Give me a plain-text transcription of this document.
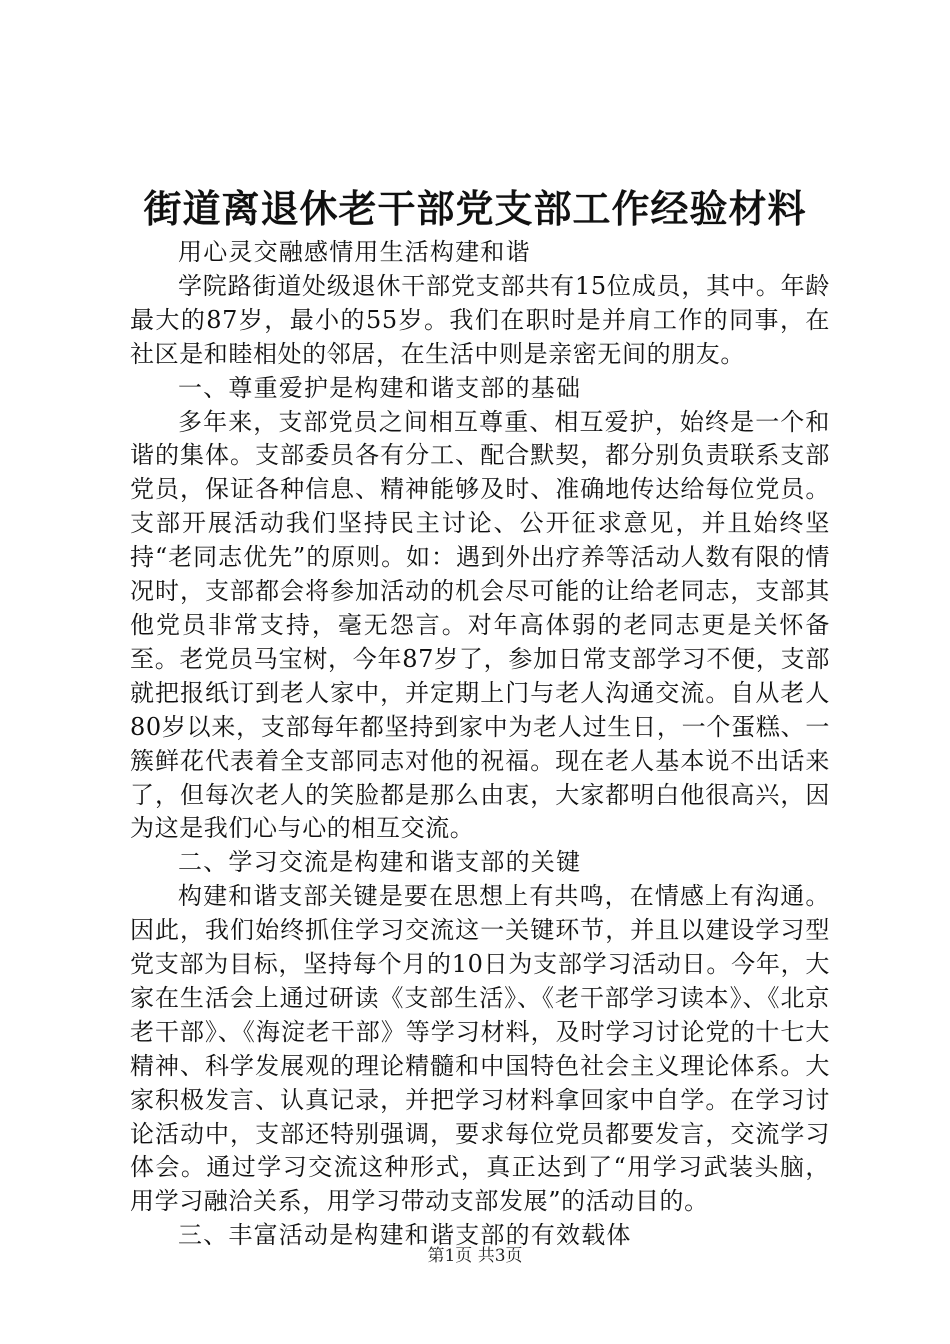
街道离退休老干部党支部工作经验材料

用心灵交融感情用生活构建和谐

学院路街道处级退休干部党支部共有15位成员，其中。年龄最大的87岁，最小的55岁。我们在职时是并肩工作的同事，在社区是和睦相处的邻居，在生活中则是亲密无间的朋友。

一、尊重爱护是构建和谐支部的基础

多年来，支部党员之间相互尊重、相互爱护，始终是一个和谐的集体。支部委员各有分工、配合默契，都分别负责联系支部党员，保证各种信息、精神能够及时、准确地传达给每位党员。支部开展活动我们坚持民主讨论、公开征求意见，并且始终坚持“老同志优先”的原则。如：遇到外出疗养等活动人数有限的情况时，支部都会将参加活动的机会尽可能的让给老同志，支部其他党员非常支持，毫无怨言。对年高体弱的老同志更是关怀备至。老党员马宝树，今年87岁了，参加日常支部学习不便，支部就把报纸订到老人家中，并定期上门与老人沟通交流。自从老人80岁以来，支部每年都坚持到家中为老人过生日，一个蛋糕、一簇鲜花代表着全支部同志对他的祝福。现在老人基本说不出话来了，但每次老人的笑脸都是那么由衷，大家都明白他很高兴，因为这是我们心与心的相互交流。

二、学习交流是构建和谐支部的关键

构建和谐支部关键是要在思想上有共鸣，在情感上有沟通。因此，我们始终抓住学习交流这一关键环节，并且以建设学习型党支部为目标，坚持每个月的10日为支部学习活动日。今年，大家在生活会上通过研读《支部生活》、《老干部学习读本》、《北京老干部》、《海淀老干部》等学习材料，及时学习讨论党的十七大精神、科学发展观的理论精髓和中国特色社会主义理论体系。大家积极发言、认真记录，并把学习材料拿回家中自学。在学习讨论活动中，支部还特别强调，要求每位党员都要发言，交流学习体会。通过学习交流这种形式，真正达到了“用学习武装头脑，用学习融洽关系，用学习带动支部发展”的活动目的。

三、丰富活动是构建和谐支部的有效载体

第1页 共3页
